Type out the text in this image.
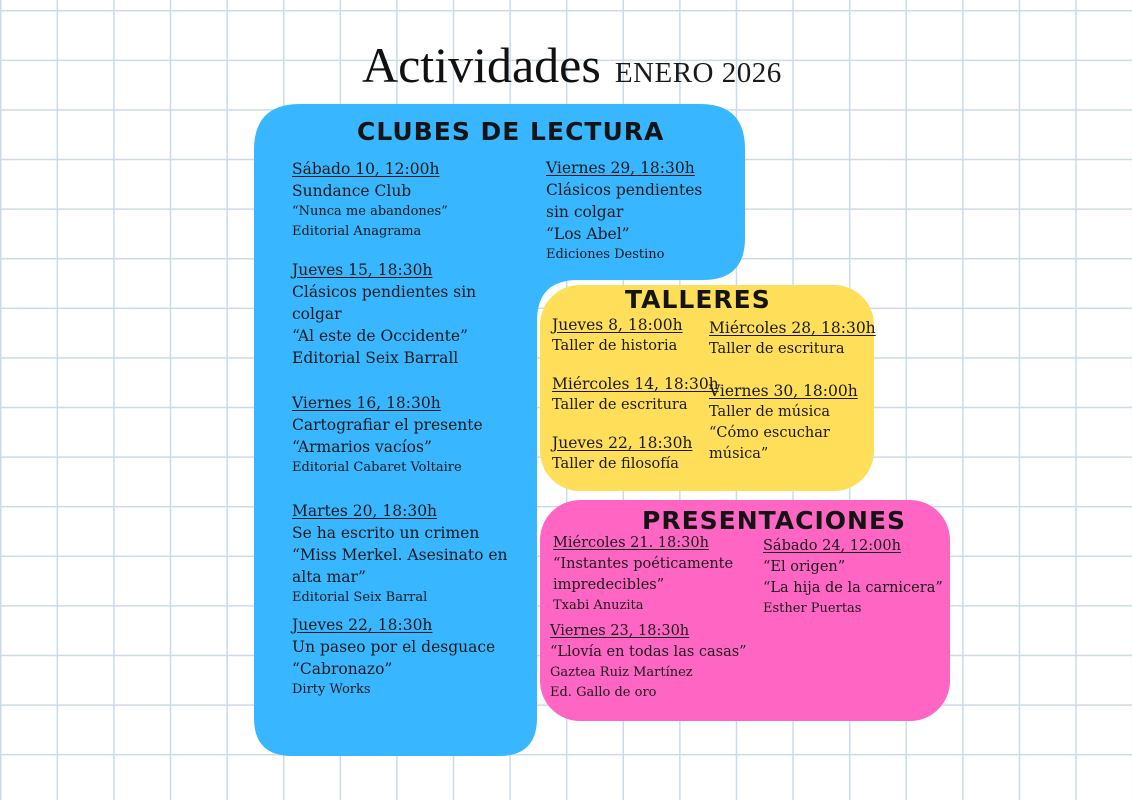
Actividades ENERO 2026
CLUBES DE LECTURA
TALLERES
PRESENTACIONES
Sábado 10, 12:00h
Sundance Club
“Nunca me abandones”
Editorial Anagrama
Jueves 15, 18:30h
Clásicos pendientes sin
colgar
“Al este de Occidente”
Editorial Seix Barrall
Viernes 16, 18:30h
Cartografiar el presente
“Armarios vacíos”
Editorial Cabaret Voltaire
Martes 20, 18:30h
Se ha escrito un crimen
“Miss Merkel. Asesinato en
alta mar”
Editorial Seix Barral
Jueves 22, 18:30h
Un paseo por el desguace
“Cabronazo”
Dirty Works
Viernes 29, 18:30h
Clásicos pendientes
sin colgar
“Los Abel”
Ediciones Destino
Jueves 8, 18:00h
Taller de historia
Miércoles 14, 18:30h
Taller de escritura
Jueves 22, 18:30h
Taller de filosofía
Miércoles 28, 18:30h
Taller de escritura
Viernes 30, 18:00h
Taller de música
“Cómo escuchar
música”
Miércoles 21. 18:30h
“Instantes poéticamente
impredecibles”
Txabi Anuzita
Viernes 23, 18:30h
“Llovía en todas las casas”
Gaztea Ruiz Martínez
Ed. Gallo de oro
Sábado 24, 12:00h
“El origen”
“La hija de la carnicera”
Esther Puertas
